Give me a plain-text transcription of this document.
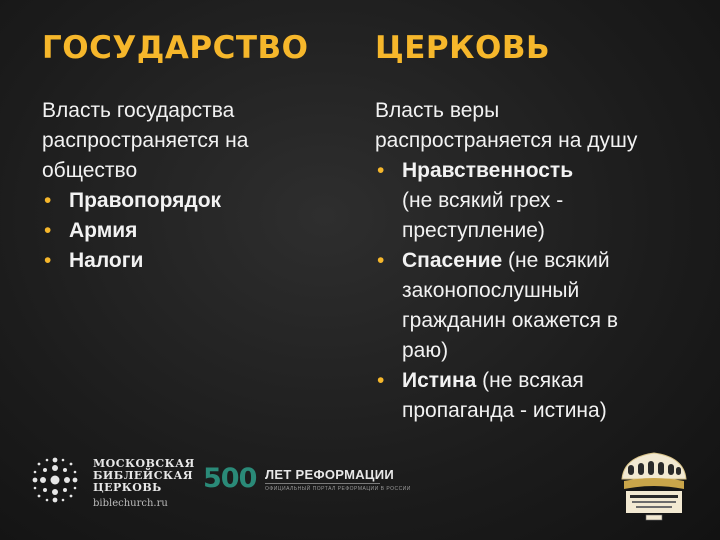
ГОСУДАРСТВО

Власть государства

распространяется на

общество

• Правопорядок
• Армия
• Налоги
ЦЕРКОВЬ

Власть веры

распространяется на душу

• Нравственность
(не всякий грех -
преступление)
• Спасение (не всякий
законопослушный
гражданин окажется в
раю)
• Истина (не всякая
пропаганда - истина)
МОСКОВСКАЯ
БИБЛЕЙСКАЯ
ЦЕРКОВЬ
biblechurch.ru
500 ЛЕТ РЕФОРМАЦИИ
ОФИЦИАЛЬНЫЙ ПОРТАЛ РЕФОРМАЦИИ В РОССИИ
